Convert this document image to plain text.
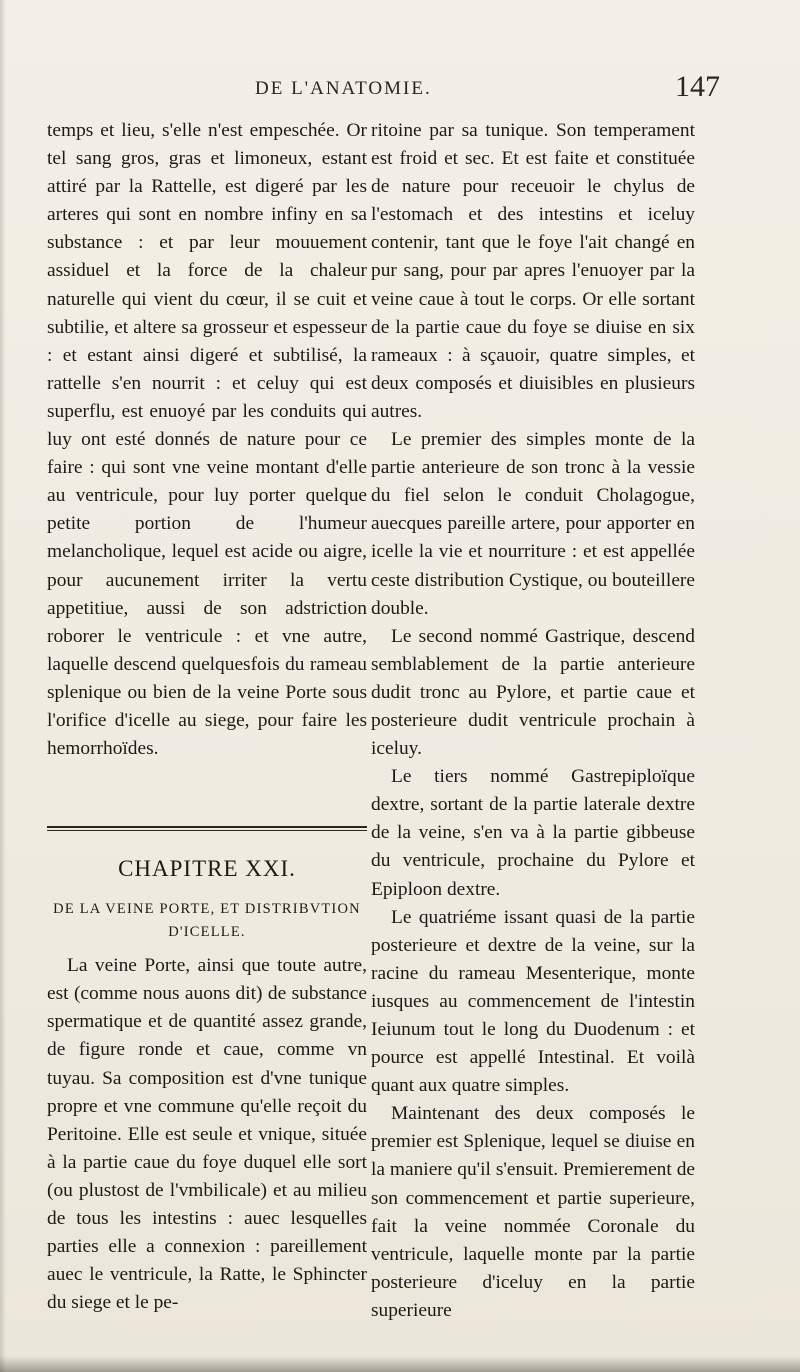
DE L'ANATOMIE.	147

temps et lieu, s'elle n'est empeschée. Or tel sang gros, gras et limoneux, estant attiré par la Rattelle, est digeré par les arteres qui sont en nombre infiny en sa substance : et par leur mouuement assiduel et la force de la chaleur naturelle qui vient du cœur, il se cuit et subtilie, et altere sa grosseur et espesseur : et estant ainsi digeré et subtilisé, la rattelle s'en nourrit : et celuy qui est superflu, est enuoyé par les conduits qui luy ont esté donnés de nature pour ce faire : qui sont vne veine montant d'elle au ventricule, pour luy porter quelque petite portion de l'humeur melancholique, lequel est acide ou aigre, pour aucunement irriter la vertu appetitiue, aussi de son adstriction roborer le ventricule : et vne autre, laquelle descend quelquesfois du rameau splenique ou bien de la veine Porte sous l'orifice d'icelle au siege, pour faire les hemorrhoïdes.

CHAPITRE XXI.
DE LA VEINE PORTE, ET DISTRIBVTION D'ICELLE.

La veine Porte, ainsi que toute autre, est (comme nous auons dit) de substance spermatique et de quantité assez grande, de figure ronde et caue, comme vn tuyau. Sa composition est d'vne tunique propre et vne commune qu'elle reçoit du Peritoine. Elle est seule et vnique, située à la partie caue du foye duquel elle sort (ou plustost de l'vmbilicale) et au milieu de tous les intestins : auec lesquelles parties elle a connexion : pareillement auec le ventricule, la Ratte, le Sphincter du siege et le pe-

ritoine par sa tunique. Son temperament est froid et sec. Et est faite et constituée de nature pour receuoir le chylus de l'estomach et des intestins et iceluy contenir, tant que le foye l'ait changé en pur sang, pour par apres l'enuoyer par la veine caue à tout le corps. Or elle sortant de la partie caue du foye se diuise en six rameaux : à sçauoir, quatre simples, et deux composés et diuisibles en plusieurs autres.

Le premier des simples monte de la partie anterieure de son tronc à la vessie du fiel selon le conduit Cholagogue, auecques pareille artere, pour apporter en icelle la vie et nourriture : et est appellée ceste distribution Cystique, ou bouteillere double.

Le second nommé Gastrique, descend semblablement de la partie anterieure dudit tronc au Pylore, et partie caue et posterieure dudit ventricule prochain à iceluy.

Le tiers nommé Gastrepiploïque dextre, sortant de la partie laterale dextre de la veine, s'en va à la partie gibbeuse du ventricule, prochaine du Pylore et Epiploon dextre.

Le quatriéme issant quasi de la partie posterieure et dextre de la veine, sur la racine du rameau Mesenterique, monte iusques au commencement de l'intestin Ieiunum tout le long du Duodenum : et pource est appellé Intestinal. Et voilà quant aux quatre simples.

Maintenant des deux composés le premier est Splenique, lequel se diuise en la maniere qu'il s'ensuit. Premierement de son commencement et partie superieure, fait la veine nommée Coronale du ventricule, laquelle monte par la partie posterieure d'iceluy en la partie superieure
